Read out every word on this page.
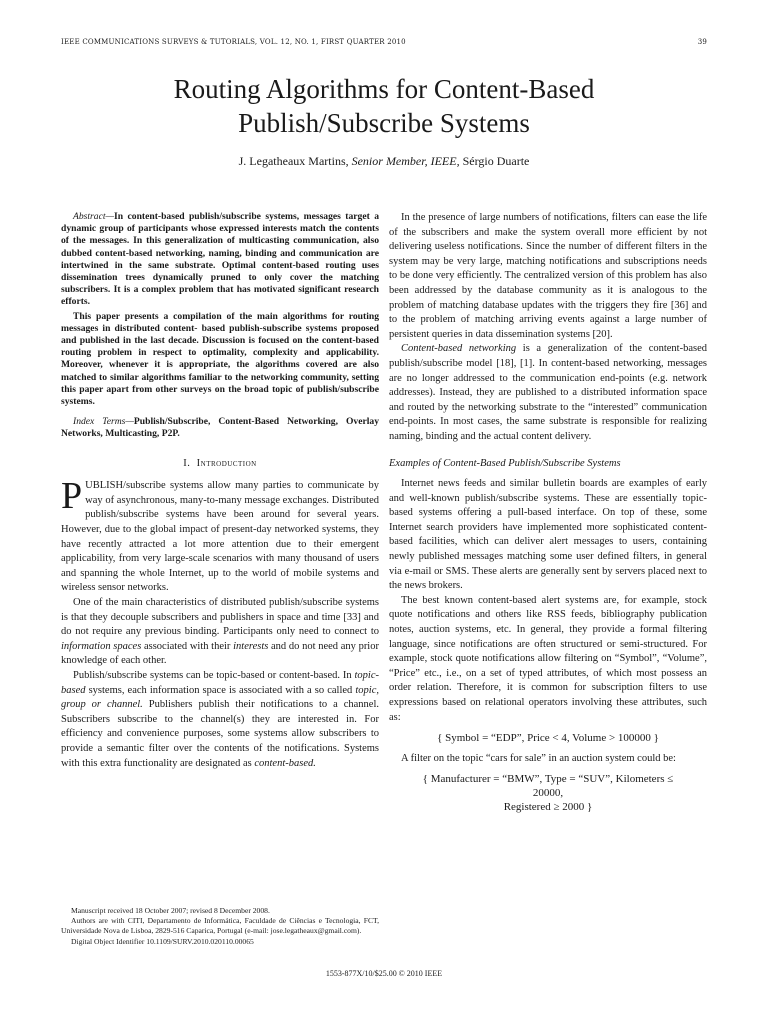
IEEE COMMUNICATIONS SURVEYS & TUTORIALS, VOL. 12, NO. 1, FIRST QUARTER 2010	39
Routing Algorithms for Content-Based
Publish/Subscribe Systems
J. Legatheaux Martins, Senior Member, IEEE, Sérgio Duarte

Abstract—In content-based publish/subscribe systems, messages target a dynamic group of participants whose expressed interests match the contents of the messages. In this generalization of multicasting communication, also dubbed content-based networking, naming, binding and communication are intertwined in the same substrate. Optimal content-based routing uses dissemination trees dynamically pruned to only cover the matching subscribers. It is a complex problem that has motivated significant research efforts.

This paper presents a compilation of the main algorithms for routing messages in distributed content- based publish-subscribe systems proposed and published in the last decade. Discussion is focused on the content-based routing problem in respect to optimality, complexity and applicability. Moreover, whenever it is appropriate, the algorithms covered are also matched to similar algorithms familiar to the networking community, setting this paper apart from other surveys on the broad topic of publish/subscribe systems.

Index Terms—Publish/Subscribe, Content-Based Networking, Overlay Networks, Multicasting, P2P.
I. Introduction

PUBLISH/subscribe systems allow many parties to communicate by way of asynchronous, many-to-many message exchanges. Distributed publish/subscribe systems have been around for several years. However, due to the global impact of present-day networked systems, they have recently attracted a lot more attention due to their emergent applicability, from very large-scale scenarios with many thousand of users and spanning the whole Internet, up to the world of mobile systems and wireless sensor networks.

One of the main characteristics of distributed publish/subscribe systems is that they decouple subscribers and publishers in space and time [33] and do not require any previous binding. Participants only need to connect to information spaces associated with their interests and do not need any prior knowledge of each other.

Publish/subscribe systems can be topic-based or content-based. In topic-based systems, each information space is associated with a so called topic, group or channel. Publishers publish their notifications to a channel. Subscribers subscribe to the channel(s) they are interested in. For efficiency and convenience purposes, some systems allow subscribers to provide a semantic filter over the contents of the notifications. Systems with this extra functionality are designated as content-based.

In the presence of large numbers of notifications, filters can ease the life of the subscribers and make the system overall more efficient by not delivering useless notifications. Since the number of different filters in the system may be very large, matching notifications and subscriptions needs to be done very efficiently. The centralized version of this problem has also been addressed by the database community as it is analogous to the problem of matching database updates with the triggers they fire [36] and to the problem of matching arriving events against a large number of persistent queries in data dissemination systems [20].

Content-based networking is a generalization of the content-based publish/subscribe model [18], [1]. In content-based networking, messages are no longer addressed to the communication end-points (e.g. network addresses). Instead, they are published to a distributed information space and routed by the networking substrate to the “interested” communication end-points. In most cases, the same substrate is responsible for realizing naming, binding and the actual content delivery.

Examples of Content-Based Publish/Subscribe Systems

Internet news feeds and similar bulletin boards are examples of early and well-known publish/subscribe systems. These are essentially topic-based systems offering a pull-based interface. On top of these, some Internet search providers have implemented more sophisticated content-based facilities, which can deliver alert messages to users, containing newly published messages matching some user defined filters, in general via e-mail or SMS. These alerts are generally sent by servers placed next to the news brokers.

The best known content-based alert systems are, for example, stock quote notifications and others like RSS feeds, bibliography publication notes, auction systems, etc. In general, they provide a formal filtering language, since notifications are often structured or semi-structured. For example, stock quote notifications allow filtering on “Symbol”, “Volume”, “Price” etc., i.e., on a set of typed attributes, of which most possess an order relation. Therefore, it is common for subscription filters to use expressions based on relational operators involving these attributes, such as:

{ Symbol = “EDP”, Price < 4, Volume > 100000 }

A filter on the topic “cars for sale” in an auction system could be:

{ Manufacturer = “BMW”, Type = “SUV”, Kilometers ≤
20000,
Registered ≥ 2000 }

Manuscript received 18 October 2007; revised 8 December 2008.

Authors are with CITI, Departamento de Informática, Faculdade de Ciências e Tecnologia, FCT, Universidade Nova de Lisboa, 2829-516 Caparica, Portugal (e-mail: jose.legatheaux@gmail.com).

Digital Object Identifier 10.1109/SURV.2010.020110.00065

1553-877X/10/$25.00 © 2010 IEEE
